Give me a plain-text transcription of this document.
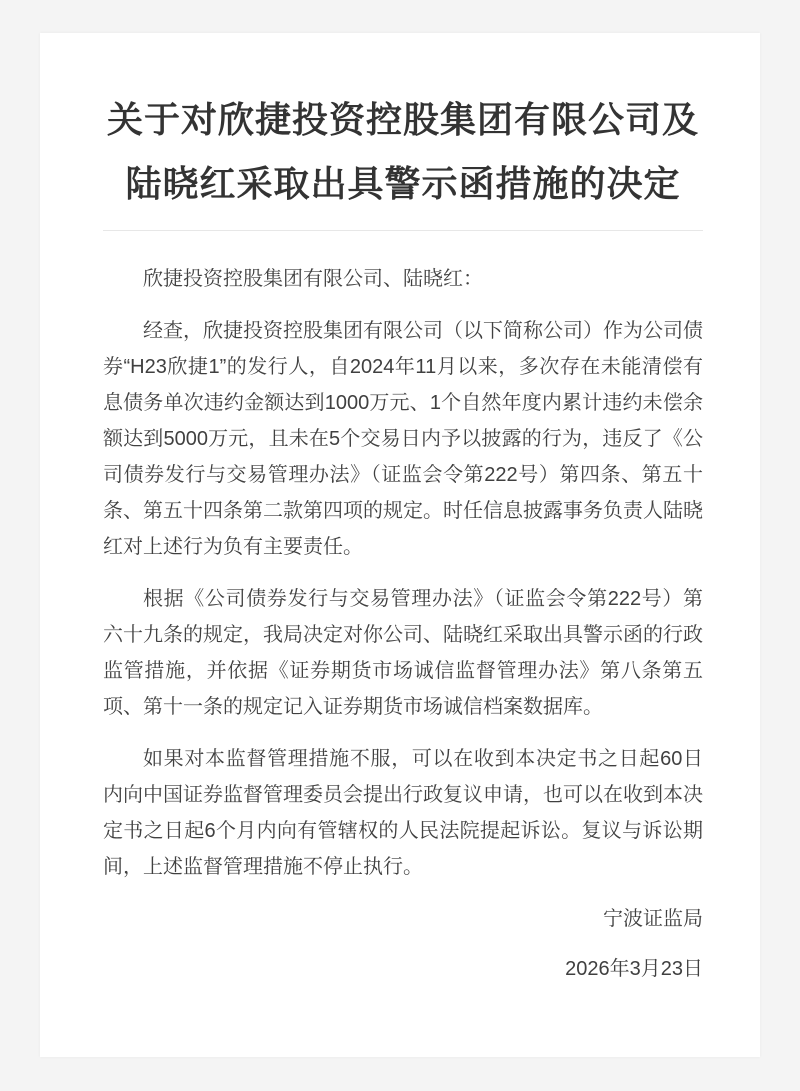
关于对欣捷投资控股集团有限公司及
陆晓红采取出具警示函措施的决定

欣捷投资控股集团有限公司、陆晓红：

经查，欣捷投资控股集团有限公司（以下简称公司）作为公司债券“H23欣捷1”的发行人，自2024年11月以来，多次存在未能清偿有息债务单次违约金额达到1000万元、1个自然年度内累计违约未偿余额达到5000万元，且未在5个交易日内予以披露的行为，违反了《公司债券发行与交易管理办法》（证监会令第222号）第四条、第五十条、第五十四条第二款第四项的规定。时任信息披露事务负责人陆晓红对上述行为负有主要责任。

根据《公司债券发行与交易管理办法》（证监会令第222号）第六十九条的规定，我局决定对你公司、陆晓红采取出具警示函的行政监管措施，并依据《证券期货市场诚信监督管理办法》第八条第五项、第十一条的规定记入证券期货市场诚信档案数据库。

如果对本监督管理措施不服，可以在收到本决定书之日起60日内向中国证券监督管理委员会提出行政复议申请，也可以在收到本决定书之日起6个月内向有管辖权的人民法院提起诉讼。复议与诉讼期间，上述监督管理措施不停止执行。

宁波证监局

2026年3月23日
